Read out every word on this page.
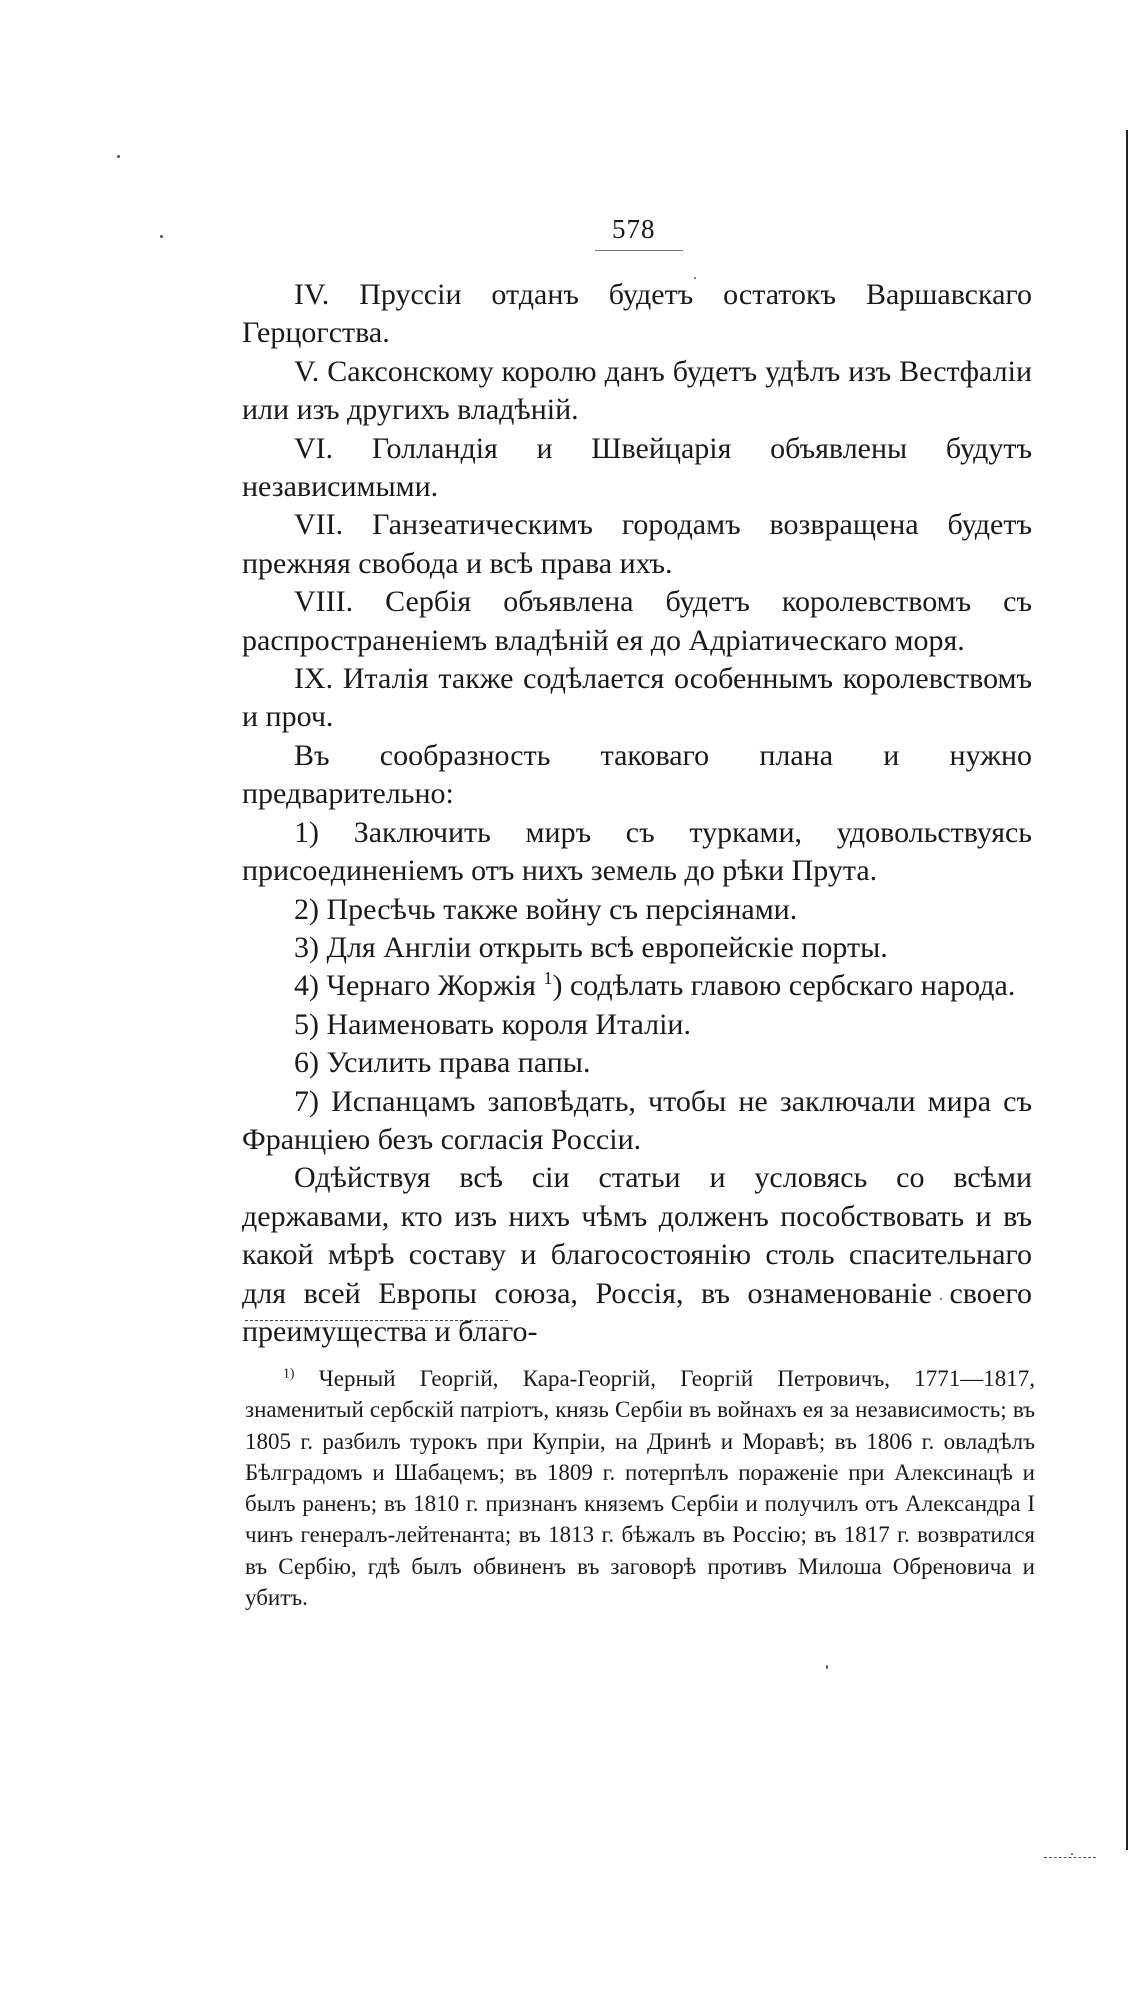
578

IV. Пруссіи отданъ будетъ остатокъ Варшавскаго Герцогства.

V. Саксонскому королю данъ будетъ удѣлъ изъ Вестфаліи или изъ другихъ владѣній.

VI. Голландія и Швейцарія объявлены будутъ независимыми.

VII. Ганзеатическимъ городамъ возвращена будетъ прежняя свобода и всѣ права ихъ.

VIII. Сербія объявлена будетъ королевствомъ съ распространеніемъ владѣній ея до Адріатическаго моря.

IX. Италія также содѣлается особеннымъ королевствомъ и проч.

Въ сообразность таковаго плана и нужно предварительно:

1) Заключить миръ съ турками, удовольствуясь присоединеніемъ отъ нихъ земель до рѣки Прута.

2) Пресѣчь также войну съ персіянами.

3) Для Англіи открыть всѣ европейскіе порты.

4) Чернаго Жоржія $^1$) содѣлать главою сербскаго народа.

5) Наименовать короля Италіи.

6) Усилить права папы.

7) Испанцамъ заповѣдать, чтобы не заключали мира съ Франціею безъ согласія Россіи.

Одѣйствуя всѣ сіи статьи и условясь со всѣми державами, кто изъ нихъ чѣмъ долженъ пособствовать и въ какой мѣрѣ составу и благосостоянію столь спасительнаго для всей Европы союза, Россія, въ ознаменованіе своего преимущества и благо-

$^{1)}$ Черный Георгій, Кара-Георгій, Георгій Петровичъ, 1771—1817, знаменитый сербскій патріотъ, князь Сербіи въ войнахъ ея за независимость; въ 1805 г. разбилъ турокъ при Купріи, на Дринѣ и Моравѣ; въ 1806 г. овладѣлъ Бѣлградомъ и Шабацемъ; въ 1809 г. потерпѣлъ пораженіе при Алексинацѣ и былъ раненъ; въ 1810 г. признанъ княземъ Сербіи и получилъ отъ Александра I чинъ генералъ-лейтенанта; въ 1813 г. бѣжалъ въ Россію; въ 1817 г. возвратился въ Сербію, гдѣ былъ обвиненъ въ заговорѣ противъ Милоша Обреновича и убитъ.
